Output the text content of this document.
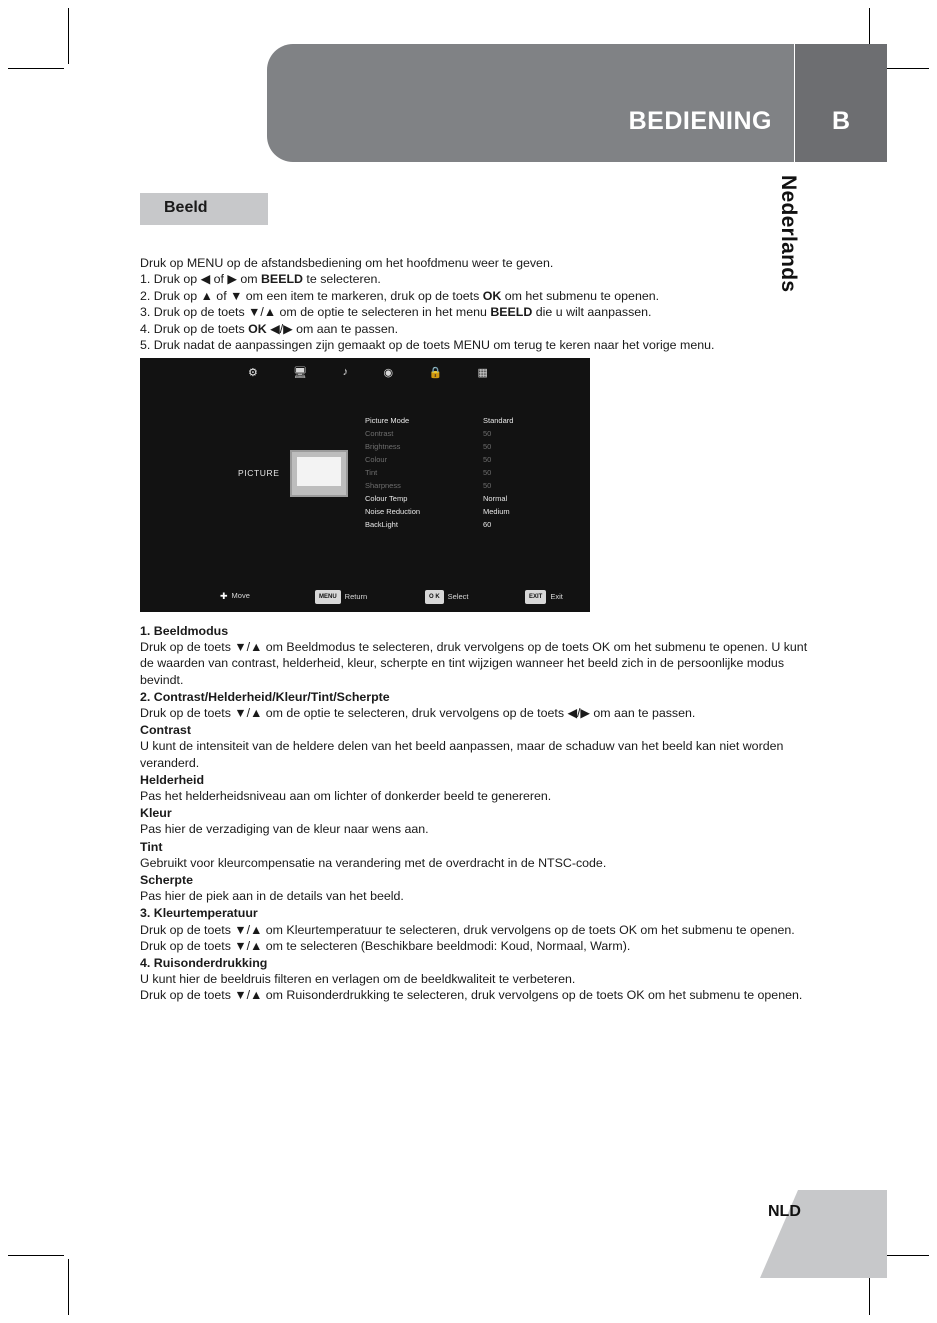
BEDIENING	B
Nederlands
Beeld
Druk op MENU op de afstandsbediening om het hoofdmenu weer te geven.
1. Druk op ◀ of ▶ om BEELD te selecteren.
2. Druk op ▲ of ▼ om een item te markeren, druk op de toets OK om het submenu te openen.
3. Druk op de toets ▼/▲ om de optie te selecteren in het menu BEELD die u wilt aanpassen.
4. Druk op de toets OK ◀/▶ om aan te passen.
5. Druk nadat de aanpassingen zijn gemaakt op de toets MENU om terug te keren naar het vorige menu.
⚙	🖥	♪	◉	🔒	▦
PICTURE
Picture Mode	Standard
Contrast	50
Brightness	50
Colour	50
Tint	50
Sharpness	50
Colour Temp	Normal
Noise Reduction	Medium
BackLight	60
✚ Move	MENU Return	O K Select	EXIT Exit
1. Beeldmodus
Druk op de toets ▼/▲ om Beeldmodus te selecteren, druk vervolgens op de toets OK om het submenu te openen. U kunt de waarden van contrast, helderheid, kleur, scherpte en tint wijzigen wanneer het beeld zich in de persoonlijke modus bevindt.
2. Contrast/Helderheid/Kleur/Tint/Scherpte
Druk op de toets ▼/▲ om de optie te selecteren, druk vervolgens op de toets ◀/▶ om aan te passen.
Contrast
U kunt de intensiteit van de heldere delen van het beeld aanpassen, maar de schaduw van het beeld kan niet worden veranderd.
Helderheid
Pas het helderheidsniveau aan om lichter of donkerder beeld te genereren.
Kleur
Pas hier de verzadiging van de kleur naar wens aan.
Tint
Gebruikt voor kleurcompensatie na verandering met de overdracht in de NTSC-code.
Scherpte
Pas hier de piek aan in de details van het beeld.
3. Kleurtemperatuur
Druk op de toets ▼/▲ om Kleurtemperatuur te selecteren, druk vervolgens op de toets OK om het submenu te openen.
Druk op de toets ▼/▲ om te selecteren (Beschikbare beeldmodi: Koud, Normaal, Warm).
4. Ruisonderdrukking
U kunt hier de beeldruis filteren en verlagen om de beeldkwaliteit te verbeteren.
Druk op de toets ▼/▲ om Ruisonderdrukking te selecteren, druk vervolgens op de toets OK om het submenu te openen.
NLD
